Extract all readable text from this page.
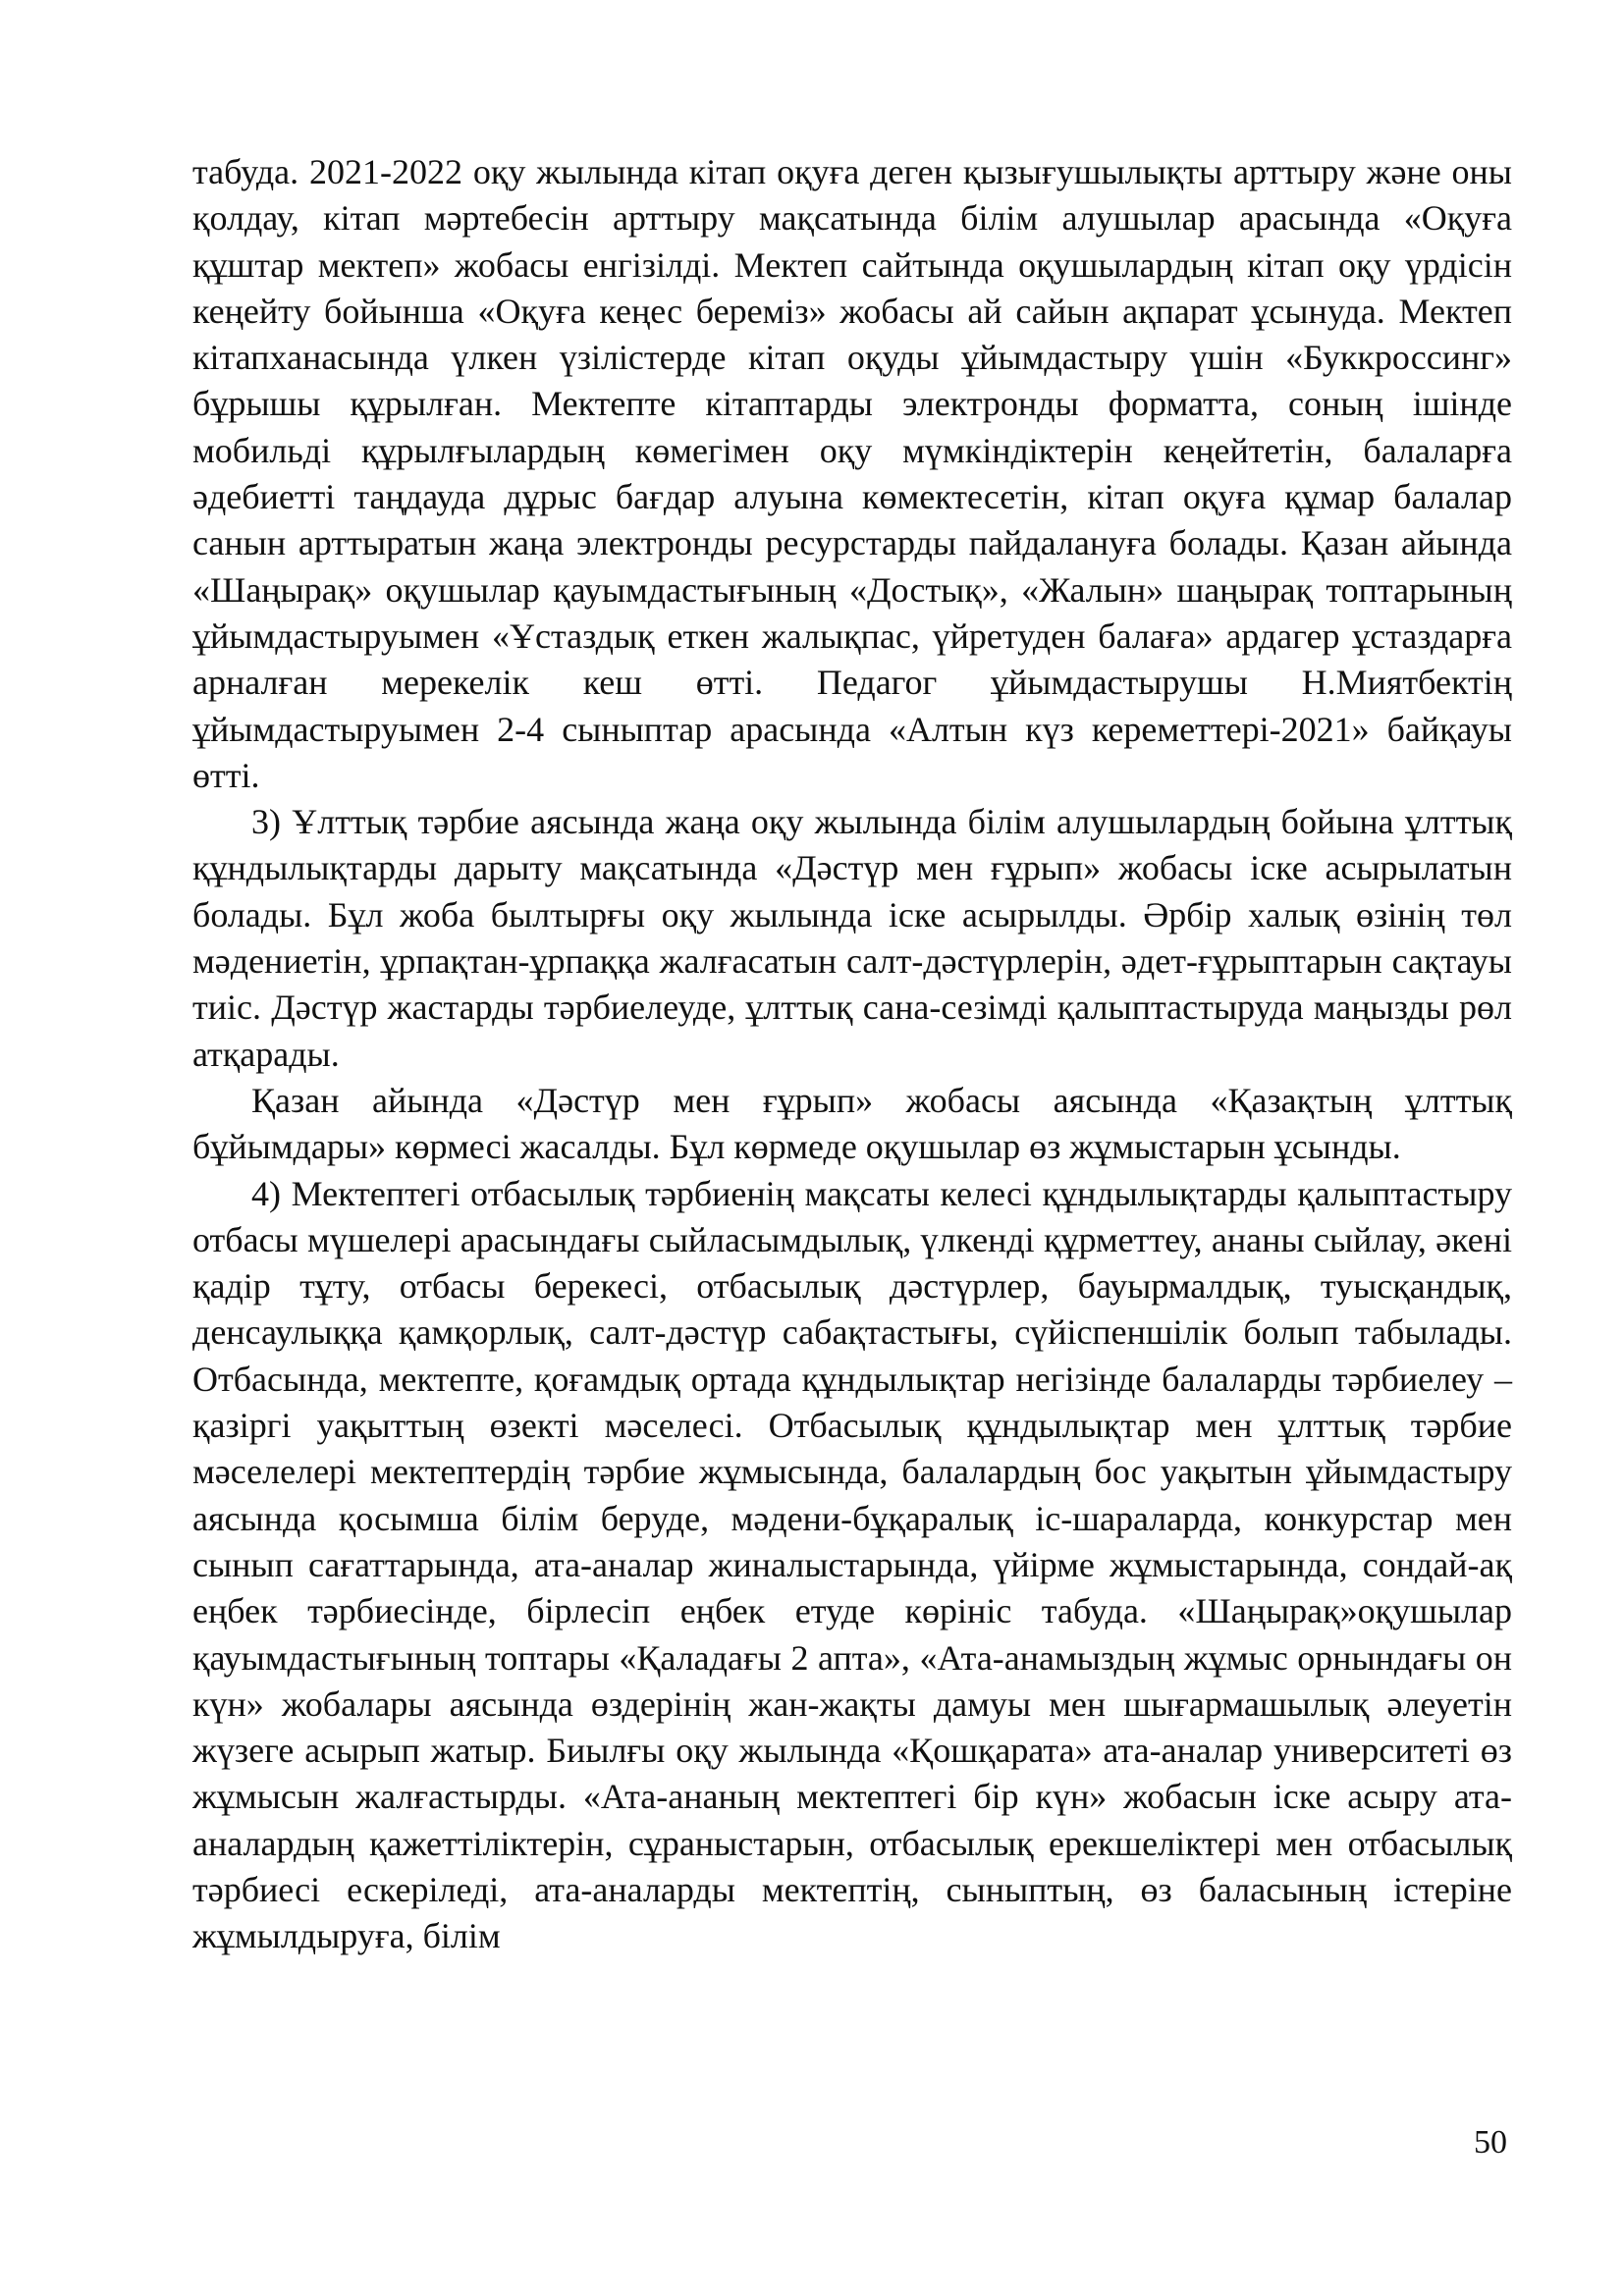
табуда. 2021-2022 оқу жылында кітап оқуға деген қызығушылықты арттыру және оны қолдау, кітап мәртебесін арттыру мақсатында білім алушылар арасында «Оқуға құштар мектеп» жобасы енгізілді. Мектеп сайтында оқушылардың кітап оқу үрдісін кеңейту бойынша «Оқуға кеңес береміз» жобасы ай сайын ақпарат ұсынуда. Мектеп кітапханасында үлкен үзілістерде кітап оқуды ұйымдастыру үшін «Буккроссинг» бұрышы құрылған. Мектепте кітаптарды электронды форматта, соның ішінде мобильді құрылғылардың көмегімен оқу мүмкіндіктерін кеңейтетін, балаларға әдебиетті таңдауда дұрыс бағдар алуына көмектесетін, кітап оқуға құмар балалар санын арттыратын жаңа электронды ресурстарды пайдалануға болады. Қазан айында «Шаңырақ» оқушылар қауымдастығының «Достық», «Жалын» шаңырақ топтарының ұйымдастыруымен «Ұстаздық еткен жалықпас, үйретуден балаға» ардагер ұстаздарға арналған мерекелік кеш өтті. Педагог ұйымдастырушы Н.Миятбектің ұйымдастыруымен 2-4 сыныптар арасында «Алтын күз кереметтері-2021» байқауы өтті.

3) Ұлттық тәрбие аясында жаңа оқу жылында білім алушылардың бойына ұлттық құндылықтарды дарыту мақсатында «Дәстүр мен ғұрып» жобасы іске асырылатын болады. Бұл жоба былтырғы оқу жылында іске асырылды. Әрбір халық өзінің төл мәдениетін, ұрпақтан-ұрпаққа жалғасатын салт-дәстүрлерін, әдет-ғұрыптарын сақтауы тиіс. Дәстүр жастарды тәрбиелеуде, ұлттық сана-сезімді қалыптастыруда маңызды рөл атқарады.

Қазан айында «Дәстүр мен ғұрып» жобасы аясында «Қазақтың ұлттық бұйымдары» көрмесі жасалды. Бұл көрмеде оқушылар өз жұмыстарын ұсынды.

4) Мектептегі отбасылық тәрбиенің мақсаты келесі құндылықтарды қалыптастыру отбасы мүшелері арасындағы сыйласымдылық, үлкенді құрметтеу, ананы сыйлау, әкені қадір тұту, отбасы берекесі, отбасылық дәстүрлер, бауырмалдық, туысқандық, денсаулыққа қамқорлық, салт-дәстүр сабақтастығы, сүйіспеншілік болып табылады. Отбасында, мектепте, қоғамдық ортада құндылықтар негізінде балаларды тәрбиелеу – қазіргі уақыттың өзекті мәселесі. Отбасылық құндылықтар мен ұлттық тәрбие мәселелері мектептердің тәрбие жұмысында, балалардың бос уақытын ұйымдастыру аясында қосымша білім беруде, мәдени-бұқаралық іс-шараларда, конкурстар мен сынып сағаттарында, ата-аналар жиналыстарында, үйірме жұмыстарында, сондай-ақ еңбек тәрбиесінде, бірлесіп еңбек етуде көрініс табуда. «Шаңырақ»оқушылар қауымдастығының топтары «Қаладағы 2 апта», «Ата-анамыздың жұмыс орнындағы он күн» жобалары аясында өздерінің жан-жақты дамуы мен шығармашылық әлеуетін жүзеге асырып жатыр. Биылғы оқу жылында «Қошқарата» ата-аналар университеті өз жұмысын жалғастырды. «Ата-ананың мектептегі бір күн» жобасын іске асыру ата-аналардың қажеттіліктерін, сұраныстарын, отбасылық ерекшеліктері мен отбасылық тәрбиесі ескеріледі, ата-аналарды мектептің, сыныптың, өз баласының істеріне жұмылдыруға, білім

50
